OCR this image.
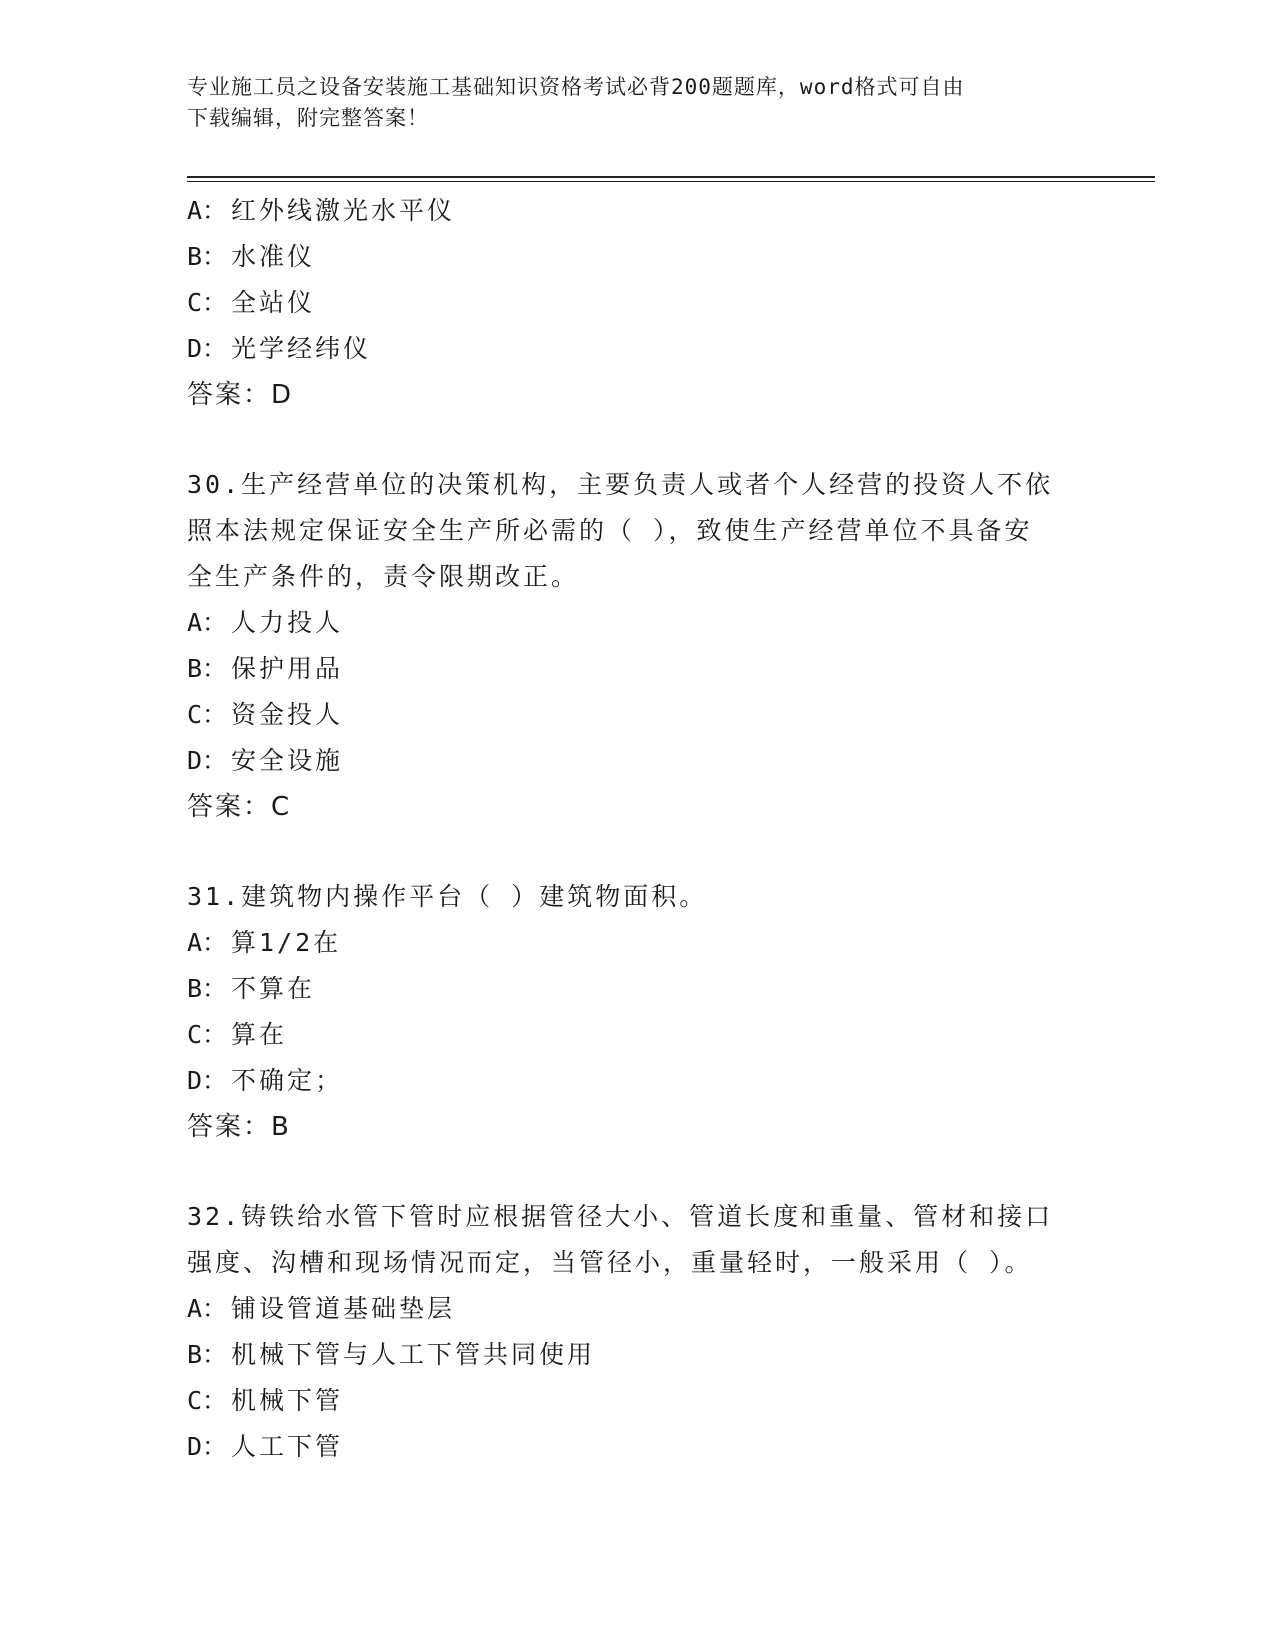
专业施工员之设备安装施工基础知识资格考试必背200题题库，word格式可自由
下载编辑，附完整答案！
A： 红外线激光水平仪
B： 水准仪
C： 全站仪
D： 光学经纬仪
答案：D
30.生产经营单位的决策机构，主要负责人或者个人经营的投资人不依
照本法规定保证安全生产所必需的（ ），致使生产经营单位不具备安
全生产条件的，责令限期改正。
A： 人力投人
B： 保护用品
C： 资金投人
D： 安全设施
答案：C
31.建筑物内操作平台（ ）建筑物面积。
A： 算1/2在
B： 不算在
C： 算在
D： 不确定；
答案：B
32.铸铁给水管下管时应根据管径大小、管道长度和重量、管材和接口
强度、沟槽和现场情况而定，当管径小，重量轻时，一般采用（ ）。
A： 铺设管道基础垫层
B： 机械下管与人工下管共同使用
C： 机械下管
D： 人工下管
